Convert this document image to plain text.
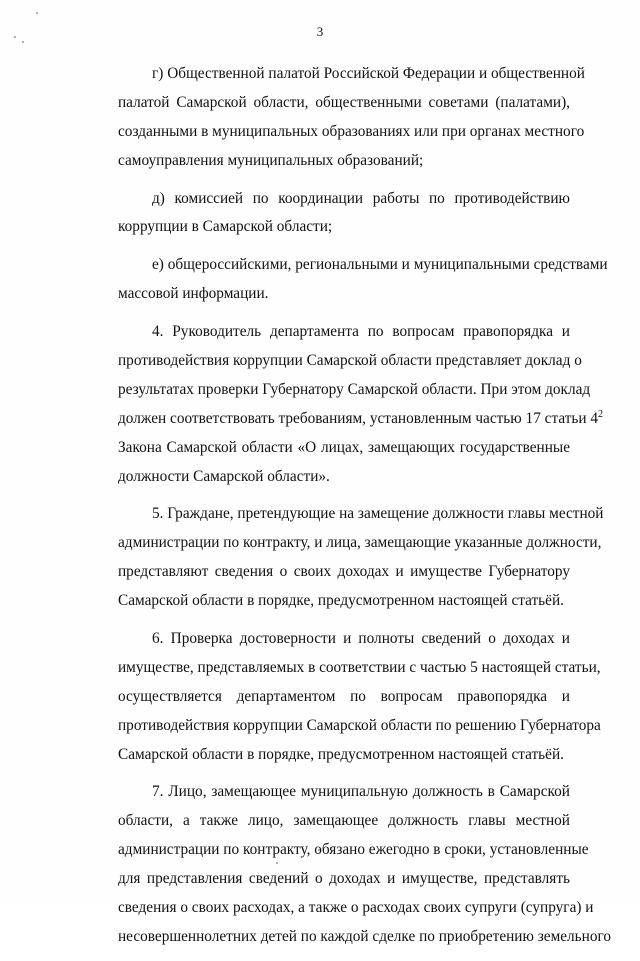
3

г) Общественной палатой Российской Федерации и общественной
палатой Самарской области, общественными советами (палатами),
созданными в муниципальных образованиях или при органах местного
самоуправления муниципальных образований;

д) комиссией по координации работы по противодействию
коррупции в Самарской области;

е) общероссийскими, региональными и муниципальными средствами
массовой информации.

4. Руководитель департамента по вопросам правопорядка и
противодействия коррупции Самарской области представляет доклад о
результатах проверки Губернатору Самарской области. При этом доклад
должен соответствовать требованиям, установленным частью 17 статьи $4^2$
Закона Самарской области «О лицах, замещающих государственные
должности Самарской области».

5. Граждане, претендующие на замещение должности главы местной
администрации по контракту, и лица, замещающие указанные должности,
представляют сведения о своих доходах и имуществе Губернатору
Самарской области в порядке, предусмотренном настоящей статьёй.

6. Проверка достоверности и полноты сведений о доходах и
имуществе, представляемых в соответствии с частью 5 настоящей статьи,
осуществляется департаментом по вопросам правопорядка и
противодействия коррупции Самарской области по решению Губернатора
Самарской области в порядке, предусмотренном настоящей статьёй.

7. Лицо, замещающее муниципальную должность в Самарской
области, а также лицо, замещающее должность главы местной
администрации по контракту, обязано ежегодно в сроки, установленные
для представления сведений о доходах и имуществе, представлять
сведения о своих расходах, а также о расходах своих супруги (супруга) и
несовершеннолетних детей по каждой сделке по приобретению земельного
